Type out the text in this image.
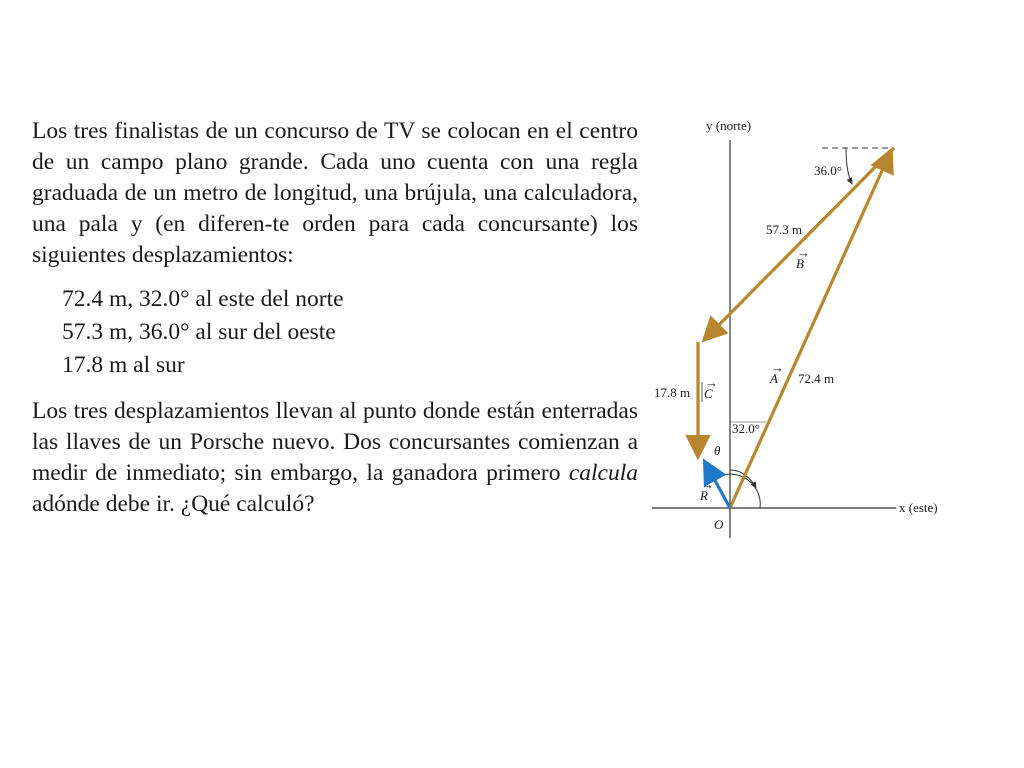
Los tres finalistas de un concurso de TV se colocan en el centro de un campo plano grande. Cada uno cuenta con una regla graduada de un metro de longitud, una brújula, una calculadora, una pala y (en diferen-te orden para cada concursante) los siguientes desplazamientos:

72.4 m, 32.0° al este del norte
57.3 m, 36.0° al sur del oeste
17.8 m al sur

Los tres desplazamientos llevan al punto donde están enterradas las llaves de un Porsche nuevo. Dos concursantes comienzan a medir de inmediato; sin embargo, la ganadora primero calcula adónde debe ir. ¿Qué calculó?

y (norte)
x (este)
O
36.0°
57.3 m
B
→
A
→
72.4 m
17.8 m C
→
32.0°
θ
R
→
